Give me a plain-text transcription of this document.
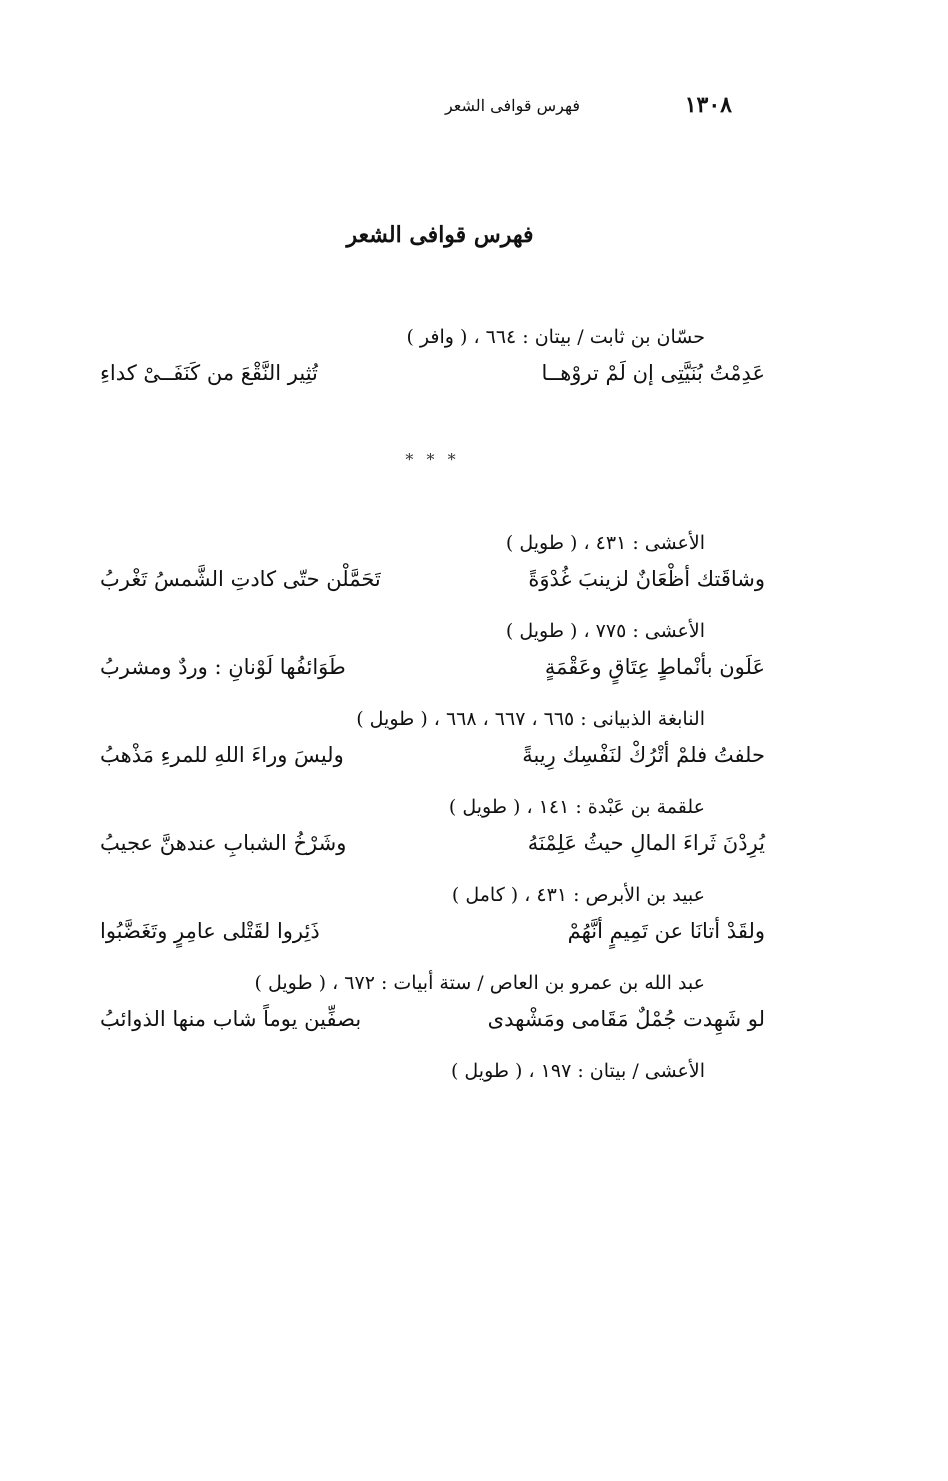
١٣٠٨
فهرس قوافى الشعر
فهرس قوافى الشعر
حسّان بن ثابت / بيتان : ٦٦٤ ، ( وافر )
عَدِمْتُ بُنَيَّتِى إن لَمْ تروْهــا
تُثِير النَّقْعَ من كَنَفَــىْ كداءِ
* * *
الأعشى : ٤٣١ ، ( طويل )
وشاقَتك أظْعَانٌ لزينبَ غُدْوَةً
تَحَمَّلْن حتّى كادتِ الشَّمسُ تَغْربُ
الأعشى : ٧٧٥ ، ( طويل )
عَلَون بأنْماطٍ عِتَاقٍ وعَقْمَةٍ
طَوَائفُها لَوْنانِ : وردٌ ومشربُ
النابغة الذبيانى : ٦٦٥ ، ٦٦٧ ، ٦٦٨ ، ( طويل )
حلفتُ فلمْ أتْرُكْ لنَفْسِك رِيبةً
وليسَ وراءَ اللهِ للمرءِ مَذْهبُ
علقمة بن عَبْدة : ١٤١ ، ( طويل )
يُرِدْنَ ثَراءَ المالِ حيثُ عَلِمْنَهُ
وشَرْخُ الشبابِ عندهنَّ عجيبُ
عبيد بن الأبرص : ٤٣١ ، ( كامل )
ولقَدْ أتانَا عن تَمِيمٍ أنَّهُمْ
ذَئِروا لقَتْلى عامِرٍ وتَغَضَّبُوا
عبد الله بن عمرو بن العاص / ستة أبيات : ٦٧٢ ، ( طويل )
لو شَهِدت جُمْلٌ مَقَامى ومَشْهدى
بصفِّين يوماً شاب منها الذوائبُ
الأعشى / بيتان : ١٩٧ ، ( طويل )
